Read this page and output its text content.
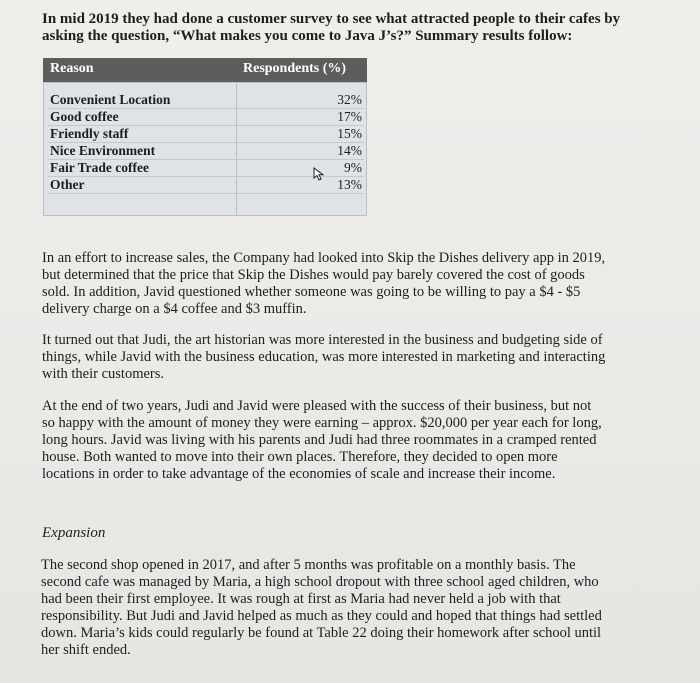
In mid 2019 they had done a customer survey to see what attracted people to their cafes by
asking the question, “What makes you come to Java J’s?” Summary results follow:

Reason	Respondents (%)
Convenient Location	32%
Good coffee	17%
Friendly staff	15%
Nice Environment	14%
Fair Trade coffee	9%
Other	13%

In an effort to increase sales, the Company had looked into Skip the Dishes delivery app in 2019,
but determined that the price that Skip the Dishes would pay barely covered the cost of goods
sold. In addition, Javid questioned whether someone was going to be willing to pay a $4 - $5
delivery charge on a $4 coffee and $3 muffin.

It turned out that Judi, the art historian was more interested in the business and budgeting side of
things, while Javid with the business education, was more interested in marketing and interacting
with their customers.

At the end of two years, Judi and Javid were pleased with the success of their business, but not
so happy with the amount of money they were earning – approx. $20,000 per year each for long,
long hours. Javid was living with his parents and Judi had three roommates in a cramped rented
house. Both wanted to move into their own places. Therefore, they decided to open more
locations in order to take advantage of the economies of scale and increase their income.

Expansion

The second shop opened in 2017, and after 5 months was profitable on a monthly basis. The
second cafe was managed by Maria, a high school dropout with three school aged children, who
had been their first employee. It was rough at first as Maria had never held a job with that
responsibility. But Judi and Javid helped as much as they could and hoped that things had settled
down. Maria’s kids could regularly be found at Table 22 doing their homework after school until
her shift ended.
